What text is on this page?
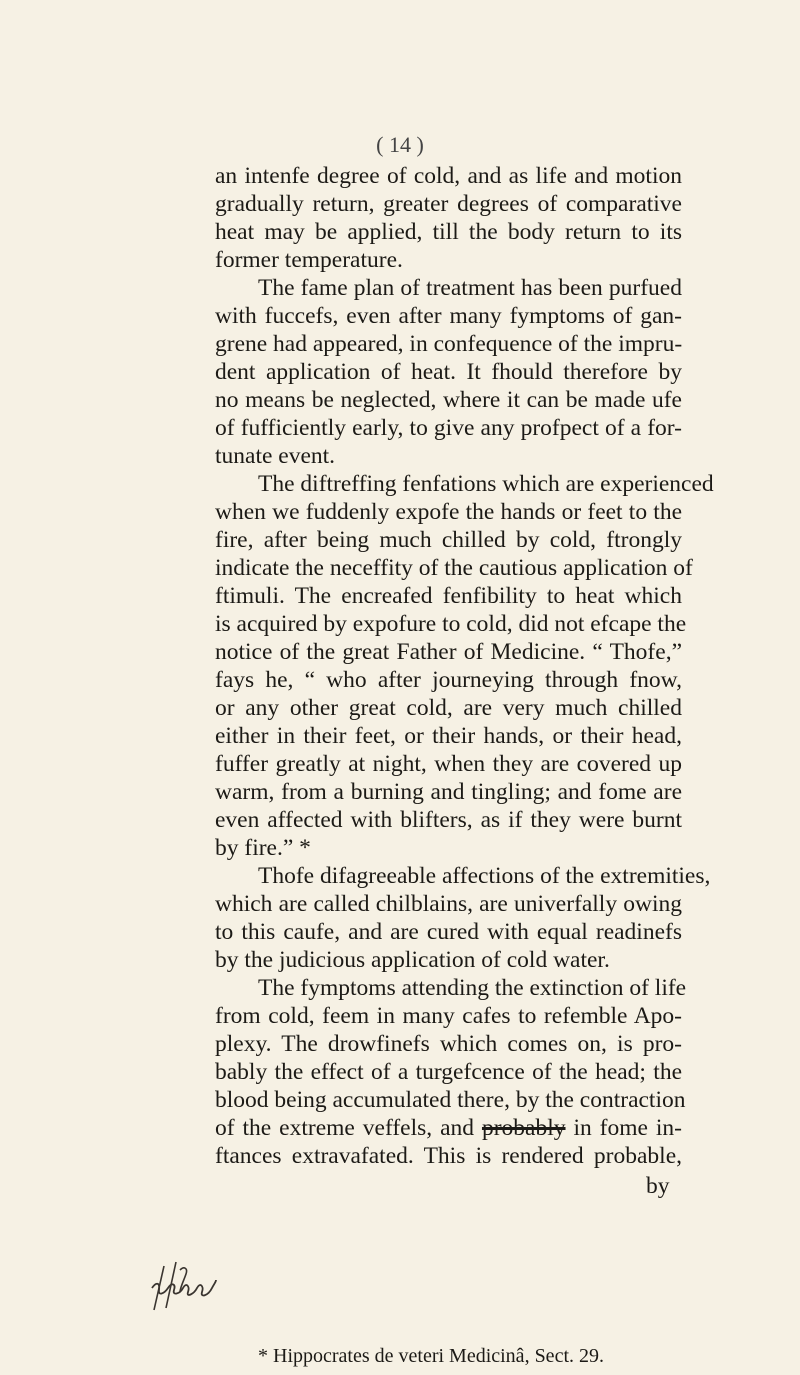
( 14 )
an intenfe degree of cold, and as life and motion
gradually return, greater degrees of comparative
heat may be applied, till the body return to its
former temperature.
The fame plan of treatment has been purfued
with fuccefs, even after many fymptoms of gan-
grene had appeared, in confequence of the impru-
dent application of heat. It fhould therefore by
no means be neglected, where it can be made ufe
of fufficiently early, to give any profpect of a for-
tunate event.
The diftreffing fenfations which are experienced
when we fuddenly expofe the hands or feet to the
fire, after being much chilled by cold, ftrongly
indicate the neceffity of the cautious application of
ftimuli. The encreafed fenfibility to heat which
is acquired by expofure to cold, did not efcape the
notice of the great Father of Medicine. “ Thofe,”
fays he, “ who after journeying through fnow,
or any other great cold, are very much chilled
either in their feet, or their hands, or their head,
fuffer greatly at night, when they are covered up
warm, from a burning and tingling; and fome are
even affected with blifters, as if they were burnt
by fire.” *
Thofe difagreeable affections of the extremities,
which are called chilblains, are univerfally owing
to this caufe, and are cured with equal readinefs
by the judicious application of cold water.
The fymptoms attending the extinction of life
from cold, feem in many cafes to refemble Apo-
plexy. The drowfinefs which comes on, is pro-
bably the effect of a turgefcence of the head; the
blood being accumulated there, by the contraction
of the extreme veffels, and probably in fome in-
ftances extravafated. This is rendered probable,
by
* Hippocrates de veteri Medicinâ, Sect. 29.
